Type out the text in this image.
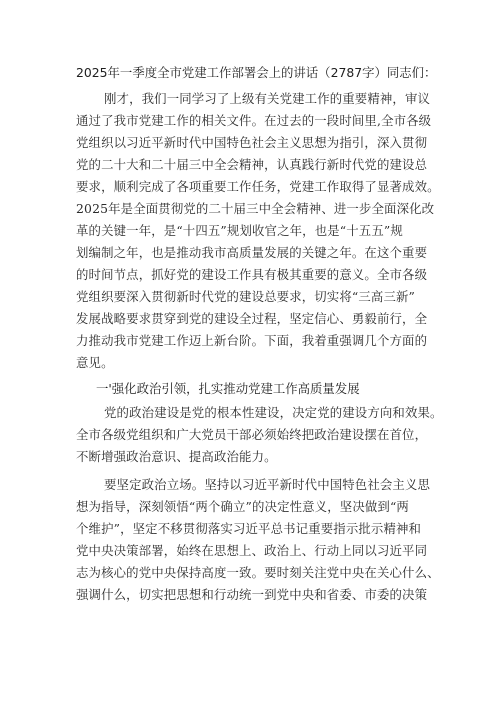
2025年一季度全市党建工作部署会上的讲话（2787字）同志们：
刚才，我们一同学习了上级有关党建工作的重要精神，审议
通过了我市党建工作的相关文件。在过去的一段时间里,全市各级
党组织以习近平新时代中国特色社会主义思想为指引，深入贯彻
党的二十大和二十届三中全会精神，认真践行新时代党的建设总
要求，顺利完成了各项重要工作任务，党建工作取得了显著成效。
2025年是全面贯彻党的二十届三中全会精神、进一步全面深化改
革的关键一年，是“十四五”规划收官之年，也是“十五五”规
划编制之年，也是推动我市高质量发展的关键之年。在这个重要
的时间节点，抓好党的建设工作具有极其重要的意义。全市各级
党组织要深入贯彻新时代党的建设总要求，切实将“三高三新”
发展战略要求贯穿到党的建设全过程，坚定信心、勇毅前行，全
力推动我市党建工作迈上新台阶。下面，我着重强调几个方面的
意见。
一'强化政治引领，扎实推动党建工作高质量发展
党的政治建设是党的根本性建设，决定党的建设方向和效果。
全市各级党组织和广大党员干部必须始终把政治建设摆在首位，
不断增强政治意识、提高政治能力。
要坚定政治立场。坚持以习近平新时代中国特色社会主义思
想为指导，深刻领悟“两个确立”的决定性意义，坚决做到“两
个维护”，坚定不移贯彻落实习近平总书记重要指示批示精神和
党中央决策部署，始终在思想上、政治上、行动上同以习近平同
志为核心的党中央保持高度一致。要时刻关注党中央在关心什么、
强调什么，切实把思想和行动统一到党中央和省委、市委的决策
